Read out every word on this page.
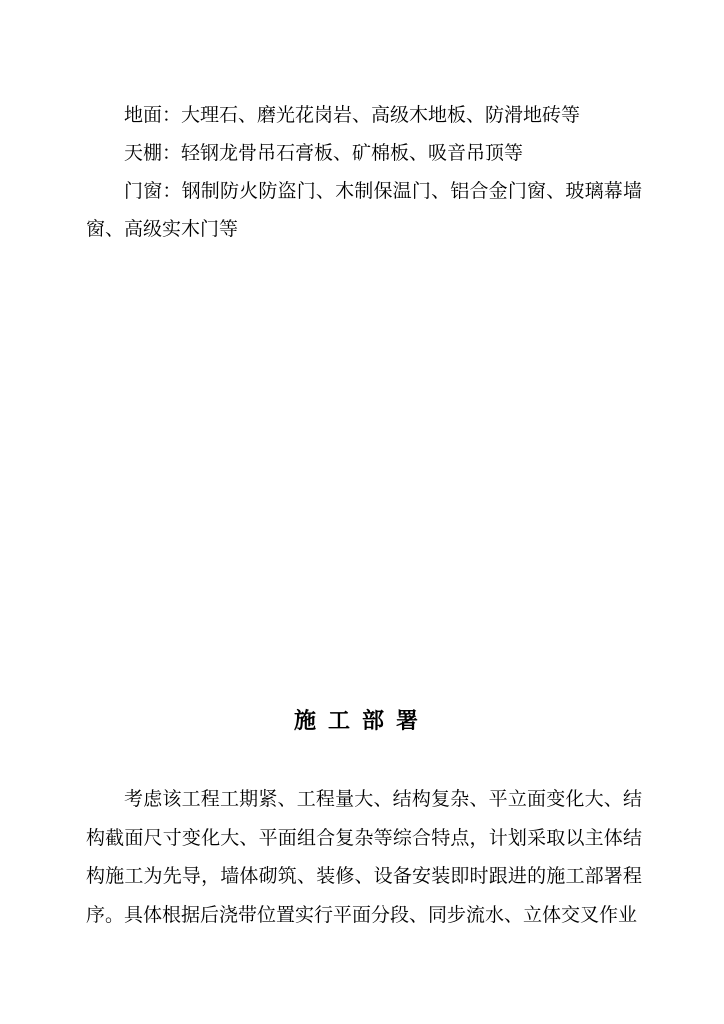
地面：大理石、磨光花岗岩、高级木地板、防滑地砖等

天棚：轻钢龙骨吊石膏板、矿棉板、吸音吊顶等

门窗：钢制防火防盗门、木制保温门、铝合金门窗、玻璃幕墙窗、高级实木门等

施工部署

考虑该工程工期紧、工程量大、结构复杂、平立面变化大、结构截面尺寸变化大、平面组合复杂等综合特点，计划采取以主体结构施工为先导，墙体砌筑、装修、设备安装即时跟进的施工部署程序。具体根据后浇带位置实行平面分段、同步流水、立体交叉作业
